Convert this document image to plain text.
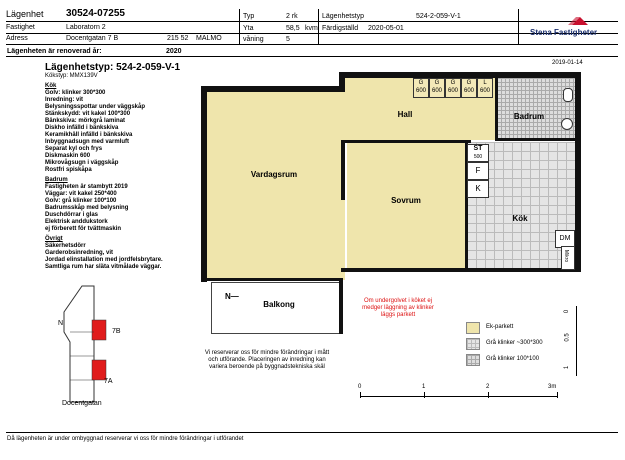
Lägenhet 30524-07255
Fastighet	Laboratorn 2
Adress	Docentgatan 7 B	215 52 MALMÖ
Typ	2 rk
Yta	58,5 kvm
våning	5
Lägenhetstyp	524-2-059-V-1
Färdigställd 2020-05-01	Stena Fastigheter
Lägenheten är renoverad år:	2020
Lägenhetstyp: 524-2-059-V-1
Kökstyp: MMX139V
2019-01-14
Kök
Golv: klinker 300*300
Inredning: vit
Belysningsspottar under väggskåp
Stänkskydd: vit kakel 100*300
Bänkskiva: mörkgrå laminat
Diskho infälld i bänkskiva
Keramikhäll infälld i bänkskiva
Inbyggnadsugn med varmluft
Separat kyl och frys
Diskmaskin 600
Mikrovågsugn i väggskåp
Rostfri spiskåpa
Badrum
Fastigheten är stambytt 2019
Väggar: vit kakel 250*400
Golv: grå klinker 100*100
Badrumsskåp med belysning
Duschdörrar i glas
Elektrisk anddukstork
ej förberett för tvättmaskin
Övrigt
Säkerhetsdörr
Garderobsinredning, vit
Jordad elinstallation med jordfelsbrytare.
Samtliga rum har släta vitmålade väggar.
G
600
G
600
G
600
G
600
L
600
ST
500
F
K
DM
Mikro
Vardagsrum
Hall	Badrum
Sovrum
Kök
Balkong
N—
N
7B
7A
Docentgatan
Vi reserverar oss för mindre förändringar i mått och utförande. Placeringen av inredning kan variera beroende på byggnadstekniska skäl
Om undergolvet i köket ej medger läggning av klinker läggs parkett
Ek-parkett
Grå klinker ~300*300
Grå klinker 100*100
0
0.5
1
0	1	2	3m
Då lägenheten är under ombyggnad reserverar vi oss för mindre förändringar i utförandet
